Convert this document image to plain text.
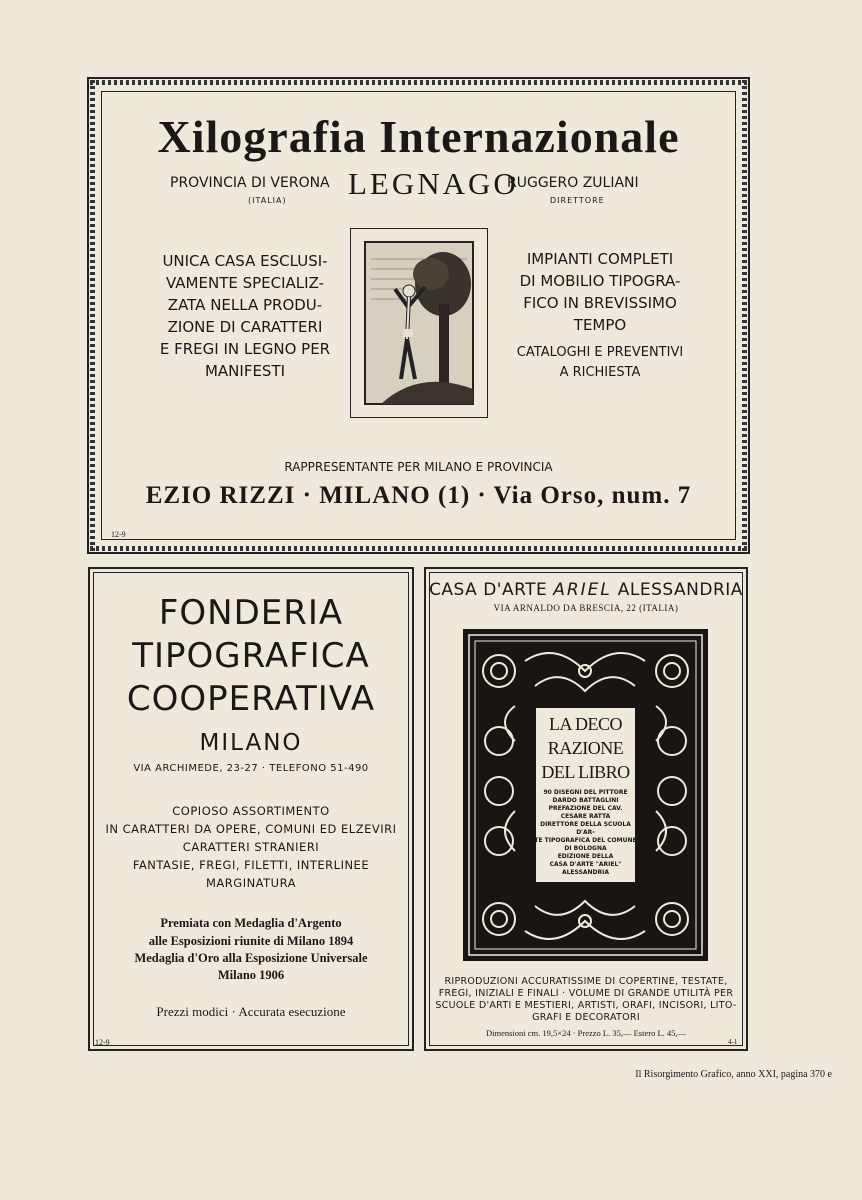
Xilografia Internazionale
PROVINCIA DI VERONA
(ITALIA) LEGNAGO
RUGGERO ZULIANI
DIRETTORE
UNICA CASA ESCLUSI-
VAMENTE SPECIALIZ-
ZATA NELLA PRODU-
ZIONE DI CARATTERI
E FREGI IN LEGNO PER
MANIFESTI
IMPIANTI COMPLETI
DI MOBILIO TIPOGRA-
FICO IN BREVISSIMO
TEMPO
CATALOGHI E PREVENTIVI
A RICHIESTA
RAPPRESENTANTE PER MILANO E PROVINCIA
EZIO RIZZI · MILANO (1) · Via Orso, num. 7
12-9
FONDERIA
TIPOGRAFICA
COOPERATIVA
MILANO
VIA ARCHIMEDE, 23-27 · TELEFONO 51-490
COPIOSO ASSORTIMENTO
IN CARATTERI DA OPERE, COMUNI ED ELZEVIRI
CARATTERI STRANIERI
FANTASIE, FREGI, FILETTI, INTERLINEE
MARGINATURA
Premiata con Medaglia d'Argento
alle Esposizioni riunite di Milano 1894
Medaglia d'Oro alla Esposizione Universale
Milano 1906
Prezzi modici · Accurata esecuzione
12-9
CASA D'ARTE ARIEL ALESSANDRIA
VIA ARNALDO DA BRESCIA, 22 (ITALIA)
LA DECO
RAZIONE
DEL LIBRO
90 DISEGNI DEL PITTORE
DARDO BATTAGLINI
PREFAZIONE DEL CAV.
CESARE RATTA
DIRETTORE DELLA SCUOLA D'AR-
TE TIPOGRAFICA DEL COMUNE
DI BOLOGNA
EDIZIONE DELLA
CASA D'ARTE "ARIEL"
ALESSANDRIA
RIPRODUZIONI ACCURATISSIME DI COPERTINE, TESTATE,
FREGI, INIZIALI E FINALI · VOLUME DI GRANDE UTILITÀ PER
SCUOLE D'ARTI E MESTIERI, ARTISTI, ORAFI, INCISORI, LITO-
GRAFI E DECORATORI
Dimensioni cm. 19,5×24 · Prezzo L. 35,— Estero L. 45,—
4-1
Il Risorgimento Grafico, anno XXI, pagina 370 e
